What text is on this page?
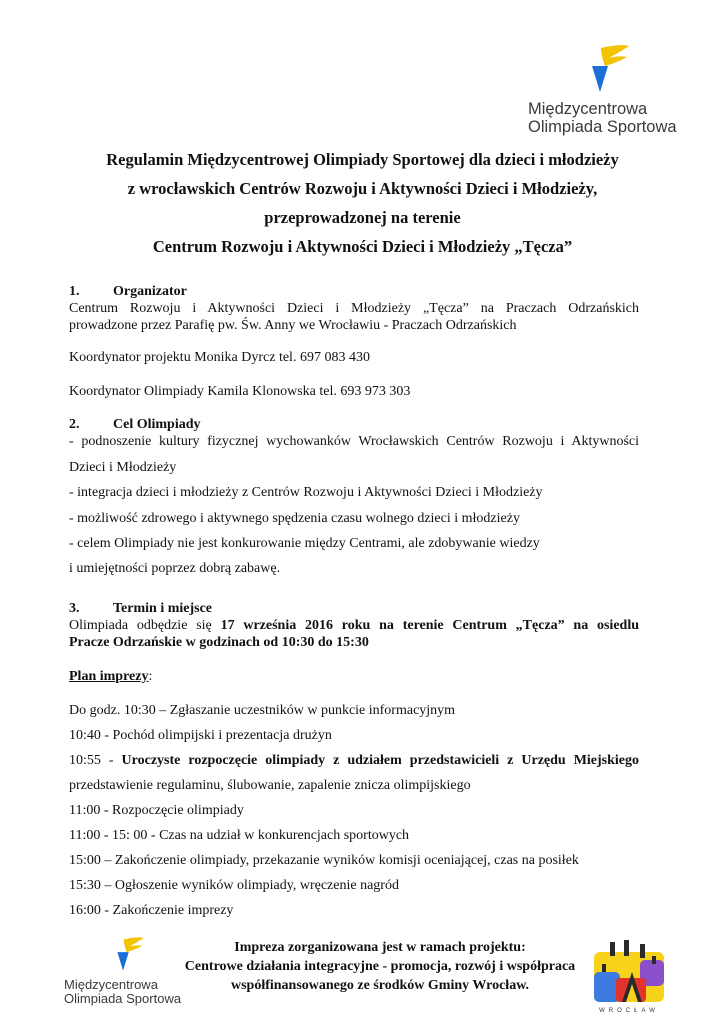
Międzycentrowa
Olimpiada Sportowa
Regulamin Międzycentrowej Olimpiady Sportowej dla dzieci i młodzieży
z wrocławskich Centrów Rozwoju i Aktywności Dzieci i Młodzieży,
przeprowadzonej na terenie
Centrum Rozwoju i Aktywności Dzieci i Młodzieży „Tęcza”
1. Organizator
Centrum Rozwoju i Aktywności Dzieci i Młodzieży „Tęcza” na Praczach Odrzańskich
prowadzone przez Parafię pw. Św. Anny we Wrocławiu - Praczach Odrzańskich
Koordynator projektu Monika Dyrcz tel. 697 083 430
Koordynator Olimpiady Kamila Klonowska tel. 693 973 303
2. Cel Olimpiady
- podnoszenie kultury fizycznej wychowanków Wrocławskich Centrów Rozwoju i Aktywności
Dzieci i Młodzieży
- integracja dzieci i młodzieży z Centrów Rozwoju i Aktywności Dzieci i Młodzieży
- możliwość zdrowego i aktywnego spędzenia czasu wolnego dzieci i młodzieży
- celem Olimpiady nie jest konkurowanie między Centrami, ale zdobywanie wiedzy
i umiejętności poprzez dobrą zabawę.
3. Termin i miejsce
Olimpiada odbędzie się 17 września 2016 roku na terenie Centrum „Tęcza” na osiedlu
Pracze Odrzańskie w godzinach od 10:30 do 15:30
Plan imprezy:
Do godz. 10:30 – Zgłaszanie uczestników w punkcie informacyjnym
10:40 - Pochód olimpijski i prezentacja drużyn
10:55 - Uroczyste rozpoczęcie olimpiady z udziałem przedstawicieli z Urzędu Miejskiego
przedstawienie regulaminu, ślubowanie, zapalenie znicza olimpijskiego
11:00 - Rozpoczęcie olimpiady
11:00 - 15: 00 - Czas na udział w konkurencjach sportowych
15:00 – Zakończenie olimpiady, przekazanie wyników komisji oceniającej, czas na posiłek
15:30 – Ogłoszenie wyników olimpiady, wręczenie nagród
16:00 - Zakończenie imprezy
Międzycentrowa
Olimpiada Sportowa
Impreza zorganizowana jest w ramach projektu:
Centrowe działania integracyjne - promocja, rozwój i współpraca
współfinansowanego ze środków Gminy Wrocław.
WROCŁAW
